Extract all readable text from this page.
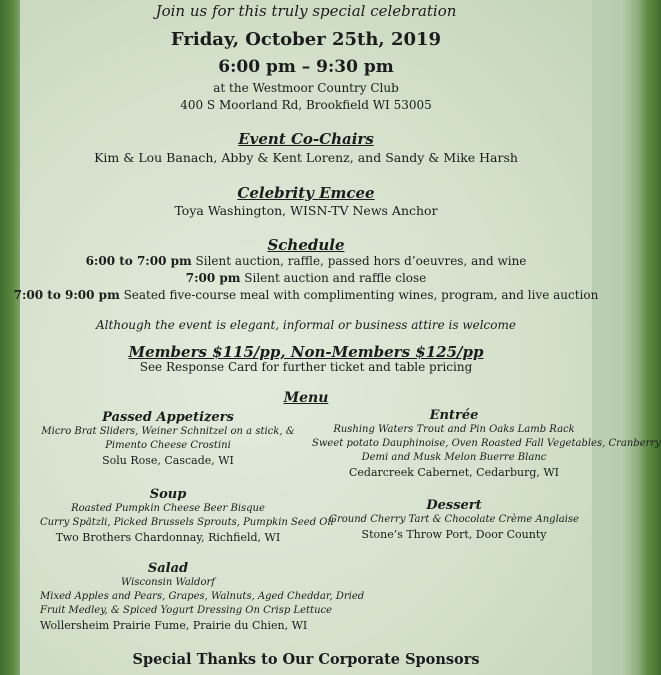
Join us for this truly special celebration
Friday, October 25th, 2019
6:00 pm – 9:30 pm
at the Westmoor Country Club
400 S Moorland Rd, Brookfield WI 53005
Event Co-Chairs
Kim & Lou Banach, Abby & Kent Lorenz, and Sandy & Mike Harsh
Celebrity Emcee
Toya Washington, WISN-TV News Anchor
Schedule
6:00 to 7:00 pm Silent auction, raffle, passed hors d’oeuvres, and wine
7:00 pm Silent auction and raffle close
7:00 to 9:00 pm Seated five-course meal with complimenting wines, program, and live auction
Although the event is elegant, informal or business attire is welcome
Members $115/pp, Non-Members $125/pp
See Response Card for further ticket and table pricing
Menu
Passed Appetizers
Micro Brat Sliders, Weiner Schnitzel on a stick, &
Pimento Cheese Crostini
Solu Rose, Cascade, WI
Soup
Roasted Pumpkin Cheese Beer Bisque
Curry Spätzli, Picked Brussels Sprouts, Pumpkin Seed Oil
Two Brothers Chardonnay, Richfield, WI
Salad
Wisconsin Waldorf
Mixed Apples and Pears, Grapes, Walnuts, Aged Cheddar, Dried
Fruit Medley, & Spiced Yogurt Dressing On Crisp Lettuce
Wollersheim Prairie Fume, Prairie du Chien, WI
Entrée
Rushing Waters Trout and Pin Oaks Lamb Rack
Sweet potato Dauphinoise, Oven Roasted Fall Vegetables, Cranberry
Demi and Musk Melon Buerre Blanc
Cedarcreek Cabernet, Cedarburg, WI
Dessert
Ground Cherry Tart & Chocolate Crème Anglaise
Stone’s Throw Port, Door County
Special Thanks to Our Corporate Sponsors
